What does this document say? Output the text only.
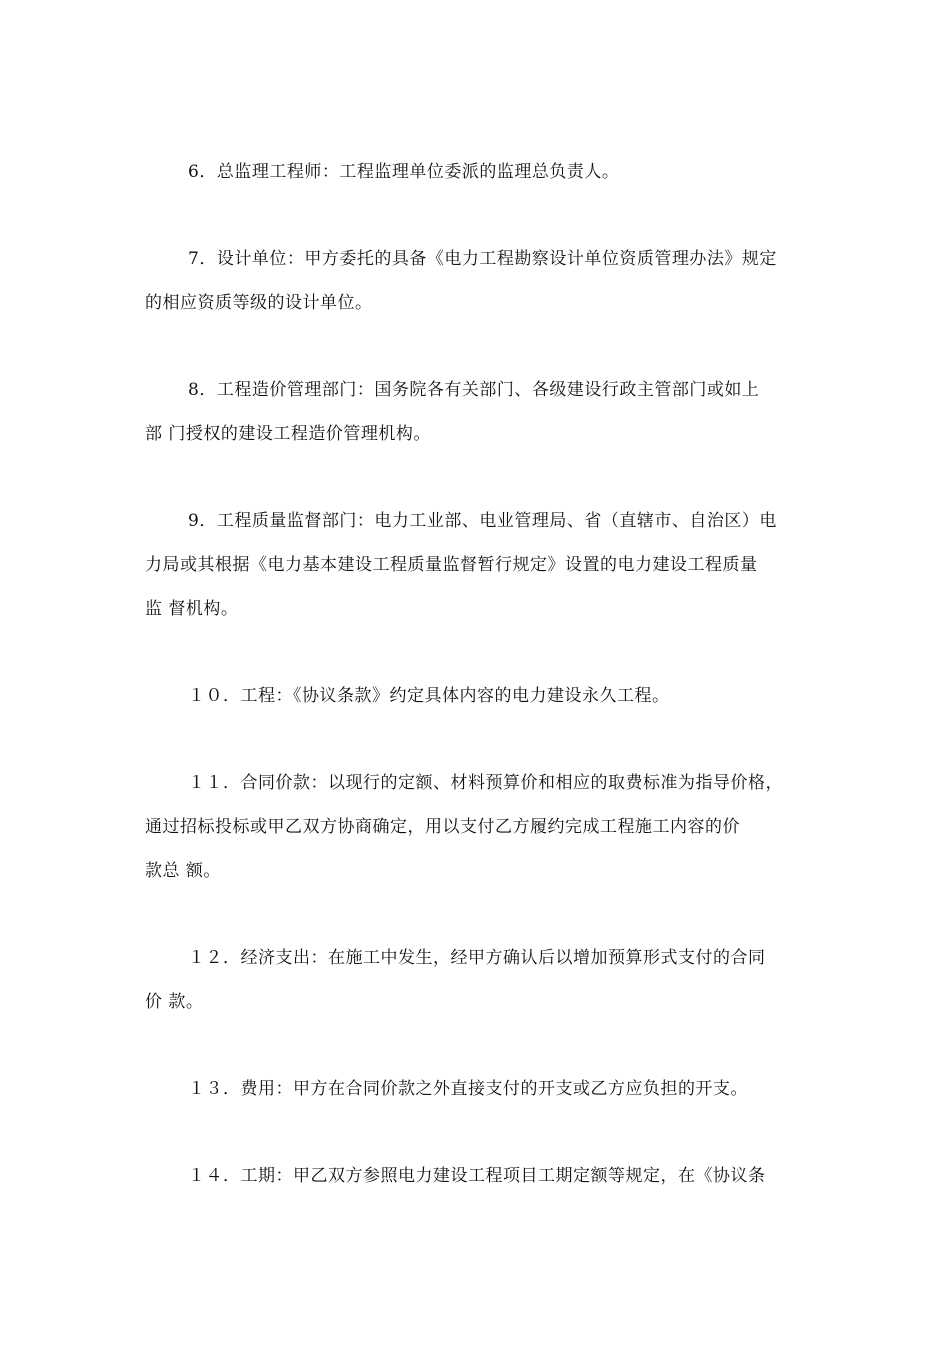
6．总监理工程师：工程监理单位委派的监理总负责人。
7．设计单位：甲方委托的具备《电力工程勘察设计单位资质管理办法》规定
的相应资质等级的设计单位。
8．工程造价管理部门：国务院各有关部门、各级建设行政主管部门或如上
部 门授权的建设工程造价管理机构。
9．工程质量监督部门：电力工业部、电业管理局、省（直辖市、自治区）电
力局或其根据《电力基本建设工程质量监督暂行规定》设置的电力建设工程质量
监 督机构。
１０．工程：《协议条款》约定具体内容的电力建设永久工程。
１１．合同价款：以现行的定额、材料预算价和相应的取费标准为指导价格，
通过招标投标或甲乙双方协商确定，用以支付乙方履约完成工程施工内容的价
款总 额。
１２．经济支出：在施工中发生，经甲方确认后以增加预算形式支付的合同
价 款。
１３．费用：甲方在合同价款之外直接支付的开支或乙方应负担的开支。
１４．工期：甲乙双方参照电力建设工程项目工期定额等规定，在《协议条
